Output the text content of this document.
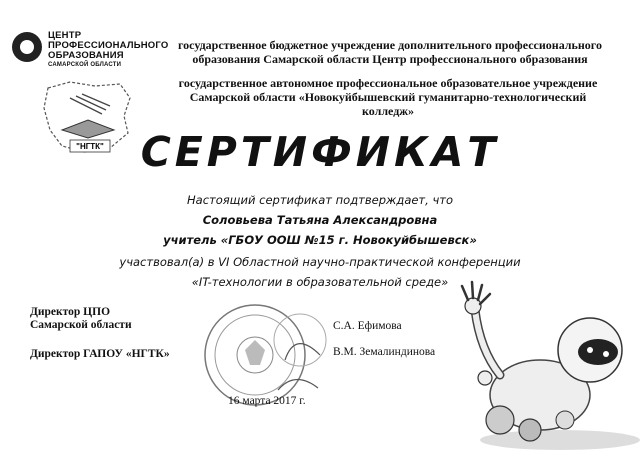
ЦЕНТР
ПРОФЕССИОНАЛЬНОГО
ОБРАЗОВАНИЯ
САМАРСКОЙ ОБЛАСТИ
государственное бюджетное учреждение дополнительного профессионального
образования Самарской области Центр профессионального образования
государственное автономное профессиональное образовательное учреждение
Самарской области «Новокуйбышевский гуманитарно-технологический
колледж»
"НГТК" СЕРТИФИКАТ
Настоящий сертификат подтверждает, что
Соловьева Татьяна Александровна
учитель «ГБОУ ООШ №15 г. Новокуйбышевск»
участвовал(а) в VI Областной научно-практической конференции
«IT-технологии в образовательной среде»
Директор ЦПО
Самарской области	С.А. Ефимова
Директор ГАПОУ «НГТК»	В.М. Земалиндинова
16 марта 2017 г.
